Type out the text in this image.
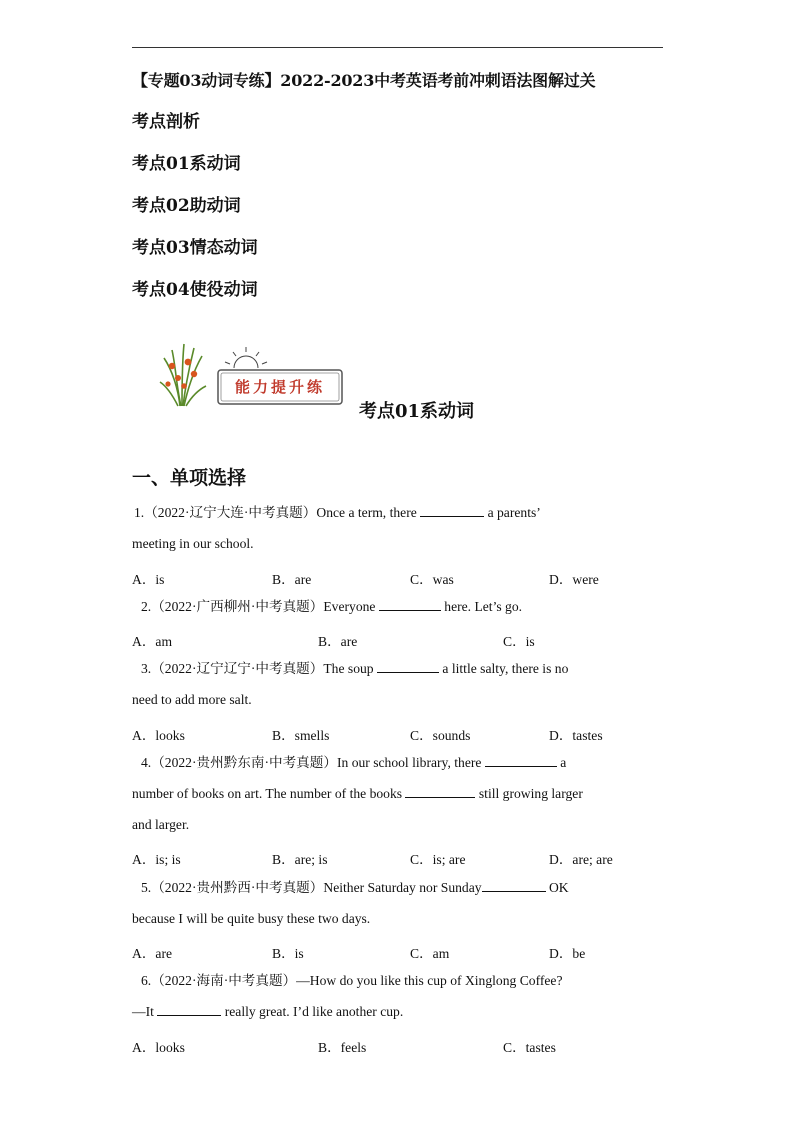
【专题03动词专练】2022-2023中考英语考前冲刺语法图解过关
考点剖析
考点01系动词
考点02助动词
考点03情态动词
考点04使役动词
能力提升练
考点01系动词
一、单项选择
1.（2022·辽宁大连·中考真题）Once a term, there	a parents’
meeting in our school.
A．is	B．are	C．was	D．were
2.（2022·广西柳州·中考真题）Everyone	here. Let’s go.
A．am	B．are	C．is
3.（2022·辽宁辽宁·中考真题）The soup	a little salty, there is no
need to add more salt.
A．looks	B．smells	C．sounds	D．tastes
4.（2022·贵州黔东南·中考真题）In our school library, there	a
number of books on art. The number of the books	still growing larger
and larger.
A．is; is	B．are; is	C．is; are	D．are; are
5.（2022·贵州黔西·中考真题）Neither Saturday nor Sunday	OK
because I will be quite busy these two days.
A．are	B．is	C．am	D．be
6.（2022·海南·中考真题）—How do you like this cup of Xinglong Coffee?
—It	really great. I’d like another cup.
A．looks	B．feels	C．tastes
